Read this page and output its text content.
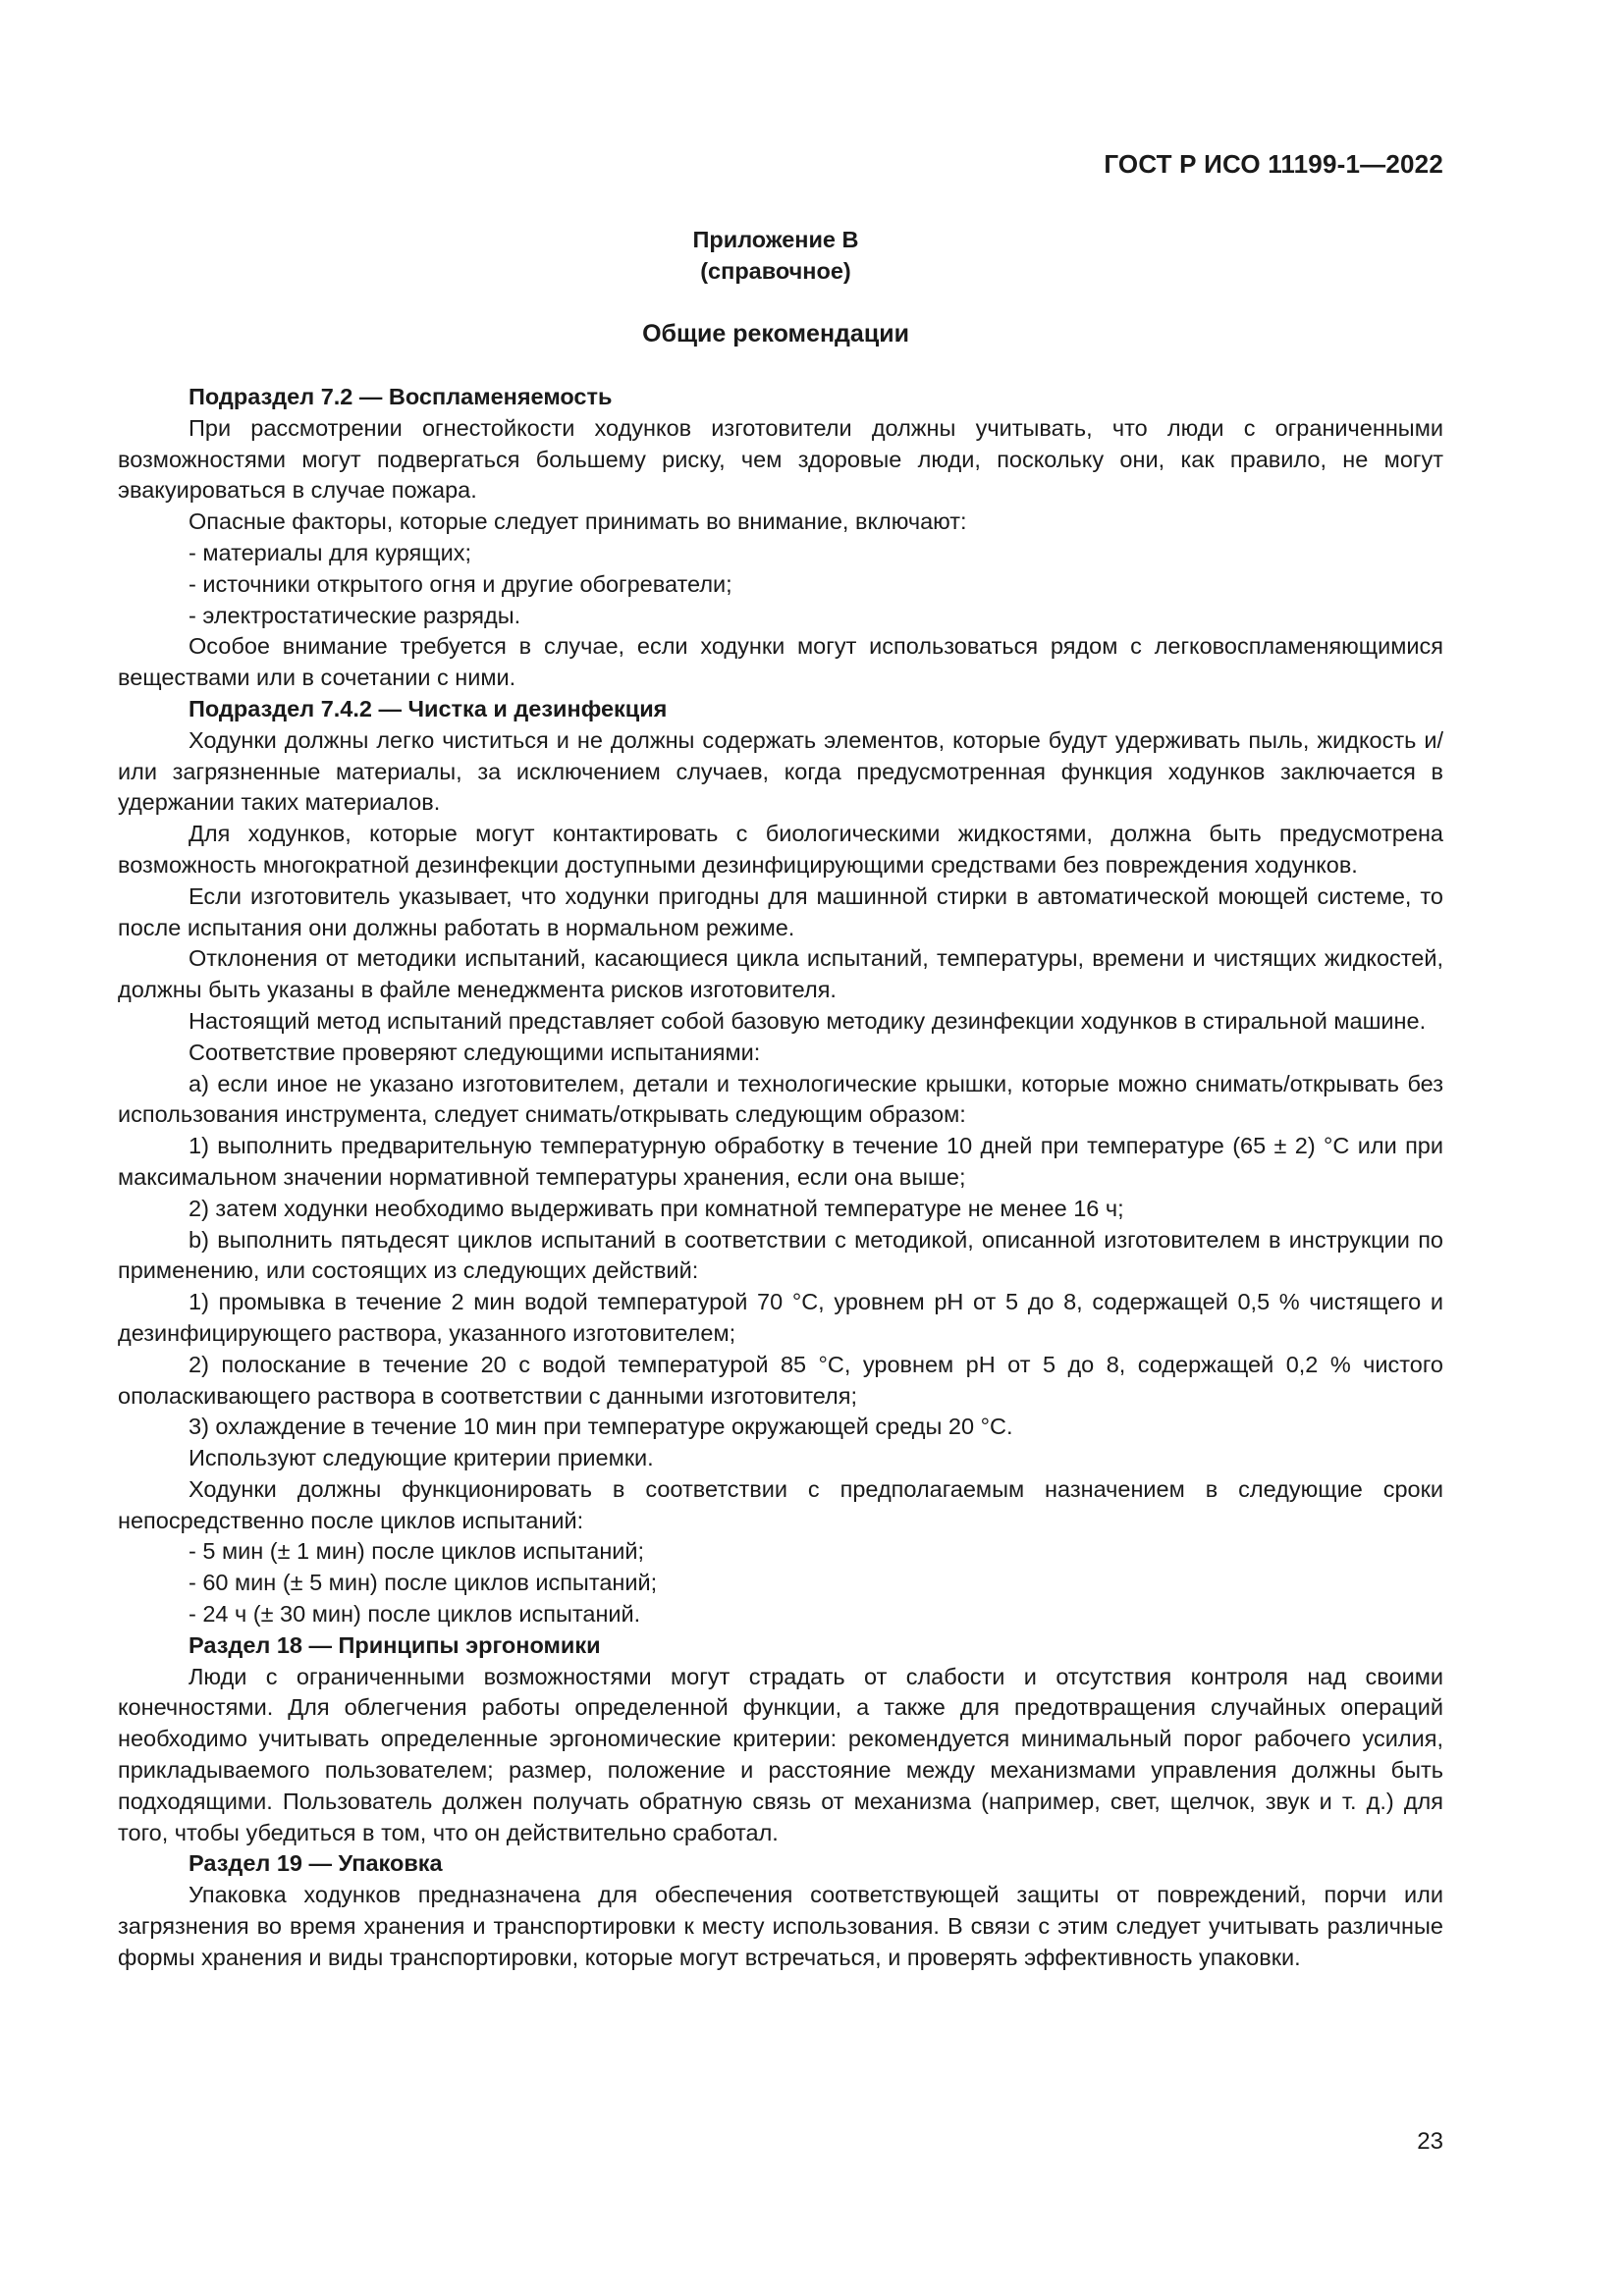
ГОСТ Р ИСО 11199-1—2022
Приложение B
(справочное)
Общие рекомендации

Подраздел 7.2 — Воспламеняемость

При рассмотрении огнестойкости ходунков изготовители должны учитывать, что люди с ограниченными возможностями могут подвергаться большему риску, чем здоровые люди, поскольку они, как правило, не могут эвакуироваться в случае пожара.

Опасные факторы, которые следует принимать во внимание, включают:

- материалы для курящих;

- источники открытого огня и другие обогреватели;

- электростатические разряды.

Особое внимание требуется в случае, если ходунки могут использоваться рядом с легковоспламеняющимися веществами или в сочетании с ними.

Подраздел 7.4.2 — Чистка и дезинфекция

Ходунки должны легко чиститься и не должны содержать элементов, которые будут удерживать пыль, жидкость и/или загрязненные материалы, за исключением случаев, когда предусмотренная функция ходунков заключается в удержании таких материалов.

Для ходунков, которые могут контактировать с биологическими жидкостями, должна быть предусмотрена возможность многократной дезинфекции доступными дезинфицирующими средствами без повреждения ходунков.

Если изготовитель указывает, что ходунки пригодны для машинной стирки в автоматической моющей системе, то после испытания они должны работать в нормальном режиме.

Отклонения от методики испытаний, касающиеся цикла испытаний, температуры, времени и чистящих жидкостей, должны быть указаны в файле менеджмента рисков изготовителя.

Настоящий метод испытаний представляет собой базовую методику дезинфекции ходунков в стиральной машине.

Соответствие проверяют следующими испытаниями:

а) если иное не указано изготовителем, детали и технологические крышки, которые можно снимать/открывать без использования инструмента, следует снимать/открывать следующим образом:

1) выполнить предварительную температурную обработку в течение 10 дней при температуре (65 ± 2) °C или при максимальном значении нормативной температуры хранения, если она выше;

2) затем ходунки необходимо выдерживать при комнатной температуре не менее 16 ч;

b) выполнить пятьдесят циклов испытаний в соответствии с методикой, описанной изготовителем в инструкции по применению, или состоящих из следующих действий:

1) промывка в течение 2 мин водой температурой 70 °C, уровнем pH от 5 до 8, содержащей 0,5 % чистящего и дезинфицирующего раствора, указанного изготовителем;

2) полоскание в течение 20 с водой температурой 85 °C, уровнем pH от 5 до 8, содержащей 0,2 % чистого ополаскивающего раствора в соответствии с данными изготовителя;

3) охлаждение в течение 10 мин при температуре окружающей среды 20 °C.

Используют следующие критерии приемки.

Ходунки должны функционировать в соответствии с предполагаемым назначением в следующие сроки непосредственно после циклов испытаний:

- 5 мин (± 1 мин) после циклов испытаний;

- 60 мин (± 5 мин) после циклов испытаний;

- 24 ч (± 30 мин) после циклов испытаний.

Раздел 18 — Принципы эргономики

Люди с ограниченными возможностями могут страдать от слабости и отсутствия контроля над своими конечностями. Для облегчения работы определенной функции, а также для предотвращения случайных операций необходимо учитывать определенные эргономические критерии: рекомендуется минимальный порог рабочего усилия, прикладываемого пользователем; размер, положение и расстояние между механизмами управления должны быть подходящими. Пользователь должен получать обратную связь от механизма (например, свет, щелчок, звук и т. д.) для того, чтобы убедиться в том, что он действительно сработал.

Раздел 19 — Упаковка

Упаковка ходунков предназначена для обеспечения соответствующей защиты от повреждений, порчи или загрязнения во время хранения и транспортировки к месту использования. В связи с этим следует учитывать различные формы хранения и виды транспортировки, которые могут встречаться, и проверять эффективность упаковки.

23
